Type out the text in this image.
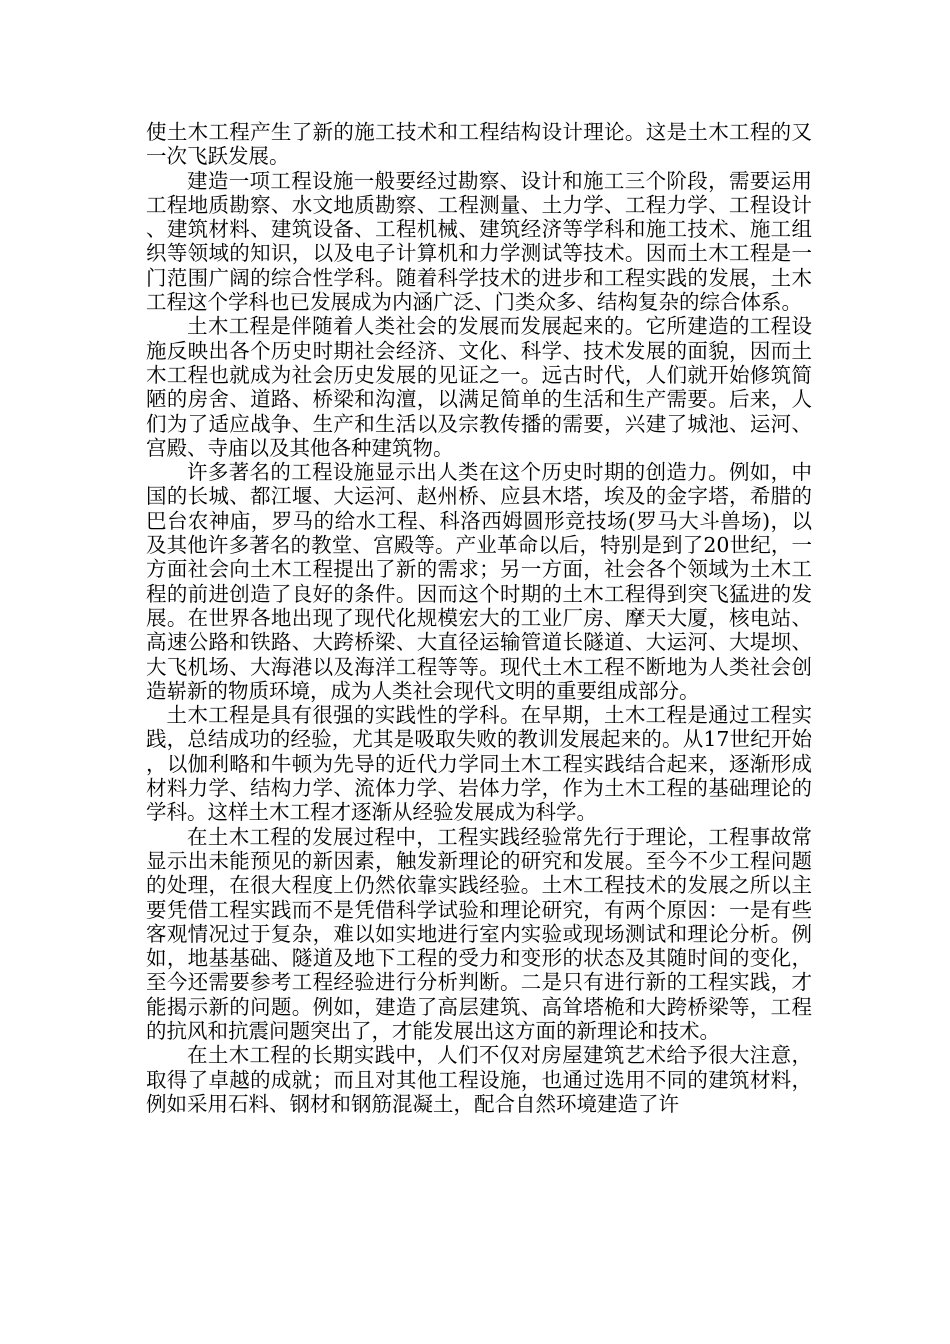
使土木工程产生了新的施工技术和工程结构设计理论。这是土木工程的又一次飞跃发展。

建造一项工程设施一般要经过勘察、设计和施工三个阶段，需要运用工程地质勘察、水文地质勘察、工程测量、土力学、工程力学、工程设计、建筑材料、建筑设备、工程机械、建筑经济等学科和施工技术、施工组织等领域的知识，以及电子计算机和力学测试等技术。因而土木工程是一门范围广阔的综合性学科。随着科学技术的进步和工程实践的发展，土木工程这个学科也已发展成为内涵广泛、门类众多、结构复杂的综合体系。

土木工程是伴随着人类社会的发展而发展起来的。它所建造的工程设施反映出各个历史时期社会经济、文化、科学、技术发展的面貌，因而土木工程也就成为社会历史发展的见证之一。远古时代，人们就开始修筑简陋的房舍、道路、桥梁和沟澶，以满足简单的生活和生产需要。后来，人们为了适应战争、生产和生活以及宗教传播的需要，兴建了城池、运河、宫殿、寺庙以及其他各种建筑物。

许多著名的工程设施显示出人类在这个历史时期的创造力。例如，中国的长城、都江堰、大运河、赵州桥、应县木塔，埃及的金字塔，希腊的巴台农神庙，罗马的给水工程、科洛西姆圆形竞技场(罗马大斗兽场)，以及其他许多著名的教堂、宫殿等。产业革命以后，特别是到了20世纪，一方面社会向土木工程提出了新的需求；另一方面，社会各个领域为土木工程的前进创造了良好的条件。因而这个时期的土木工程得到突飞猛进的发展。在世界各地出现了现代化规模宏大的工业厂房、摩天大厦，核电站、高速公路和铁路、大跨桥梁、大直径运输管道长隧道、大运河、大堤坝、大飞机场、大海港以及海洋工程等等。现代土木工程不断地为人类社会创造崭新的物质环境，成为人类社会现代文明的重要组成部分。

土木工程是具有很强的实践性的学科。在早期，土木工程是通过工程实践，总结成功的经验，尤其是吸取失败的教训发展起来的。从17世纪开始，以伽利略和牛顿为先导的近代力学同土木工程实践结合起来，逐渐形成材料力学、结构力学、流体力学、岩体力学，作为土木工程的基础理论的学科。这样土木工程才逐渐从经验发展成为科学。

在土木工程的发展过程中，工程实践经验常先行于理论，工程事故常显示出未能预见的新因素，触发新理论的研究和发展。至今不少工程问题的处理，在很大程度上仍然依靠实践经验。土木工程技术的发展之所以主要凭借工程实践而不是凭借科学试验和理论研究，有两个原因：一是有些客观情况过于复杂，难以如实地进行室内实验或现场测试和理论分析。例如，地基基础、隧道及地下工程的受力和变形的状态及其随时间的变化，至今还需要参考工程经验进行分析判断。二是只有进行新的工程实践，才能揭示新的问题。例如，建造了高层建筑、高耸塔桅和大跨桥梁等，工程的抗风和抗震问题突出了，才能发展出这方面的新理论和技术。

在土木工程的长期实践中，人们不仅对房屋建筑艺术给予很大注意，取得了卓越的成就；而且对其他工程设施，也通过选用不同的建筑材料，例如采用石料、钢材和钢筋混凝土，配合自然环境建造了许
